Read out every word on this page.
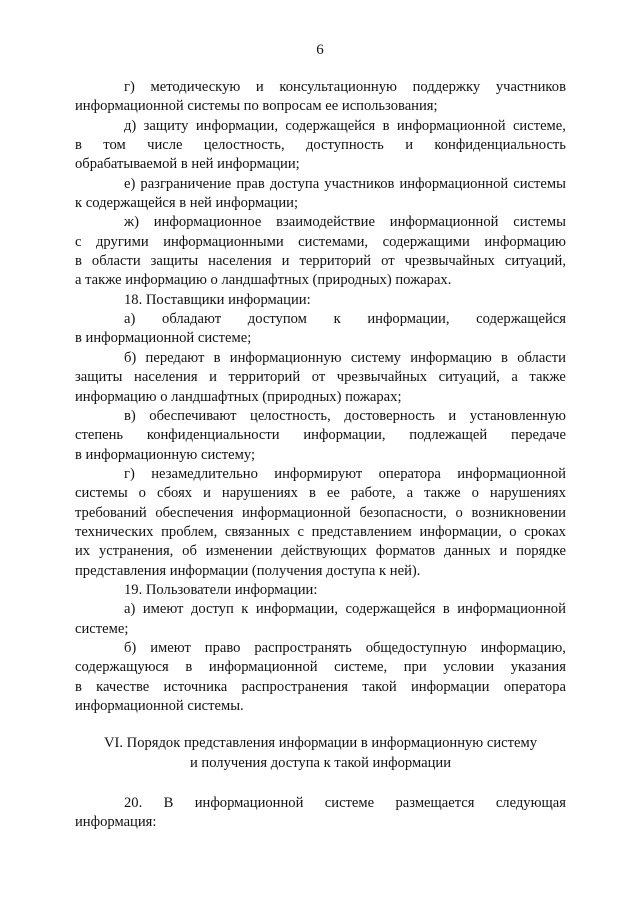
6
г) методическую и консультационную поддержку участников
информационной системы по вопросам ее использования;
д) защиту информации, содержащейся в информационной системе,
в том числе целостность, доступность и конфиденциальность
обрабатываемой в ней информации;
е) разграничение прав доступа участников информационной системы
к содержащейся в ней информации;
ж) информационное взаимодействие информационной системы
с другими информационными системами, содержащими информацию
в области защиты населения и территорий от чрезвычайных ситуаций,
а также информацию о ландшафтных (природных) пожарах.
18. Поставщики информации:
а) обладают доступом к информации, содержащейся
в информационной системе;
б) передают в информационную систему информацию в области
защиты населения и территорий от чрезвычайных ситуаций, а также
информацию о ландшафтных (природных) пожарах;
в) обеспечивают целостность, достоверность и установленную
степень конфиденциальности информации, подлежащей передаче
в информационную систему;
г) незамедлительно информируют оператора информационной
системы о сбоях и нарушениях в ее работе, а также о нарушениях
требований обеспечения информационной безопасности, о возникновении
технических проблем, связанных с представлением информации, о сроках
их устранения, об изменении действующих форматов данных и порядке
представления информации (получения доступа к ней).
19. Пользователи информации:
а) имеют доступ к информации, содержащейся в информационной
системе;
б) имеют право распространять общедоступную информацию,
содержащуюся в информационной системе, при условии указания
в качестве источника распространения такой информации оператора
информационной системы.
VI. Порядок представления информации в информационную систему
и получения доступа к такой информации
20. В информационной системе размещается следующая
информация:
